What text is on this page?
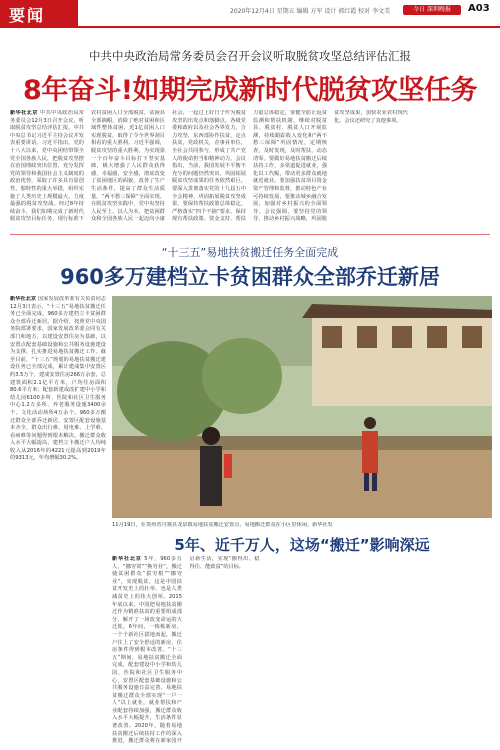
要闻	2020年12月4日 星期五 编辑 方军 设计 郭红霞 校对 李文美	今日 深圳晚报	A03
中共中央政治局常务委员会召开会议听取脱贫攻坚总结评估汇报
8年奋斗!如期完成新时代脱贫攻坚任务
新华社北京 中共中央政治局常务委员会12月3日召开会议，听取脱贫攻坚总结评估汇报。中共中央总书记习近平主持会议并发表重要讲话。习近平指出，党的十八大以来，党中央团结带领全党全国各族人民，把脱贫攻坚摆在治国理政突出位置，充分发挥党的领导和我国社会主义制度的政治优势，采取了许多具有原创性、独特性的重大举措，组织实施了人类历史上规模最大、力度最强的脱贫攻坚战。经过8年持续奋斗，我们如期完成了新时代脱贫攻坚目标任务，现行标准下农村贫困人口全部脱贫，贫困县全部摘帽，消除了绝对贫困和区域性整体贫困，近1亿贫困人口实现脱贫，取得了令全世界刮目相看的重大胜利。习近平强调，脱贫攻坚的重大胜利，为实现第一个百年奋斗目标打下坚实基础，极大增强了人民群众获得感、幸福感、安全感，彻底改变了贫困地区的面貌，改善了生产生活条件，提高了群众生活质量，“两不愁三保障”全面实现。在脱贫攻坚实践中，党中央坚持人民至上、以人为本，把贫困群众和全国各族人民一起迈向小康社会，一起过上好日子作为脱贫攻坚的出发点和落脚点。各级党委和政府以及社会各界发力，合力攻坚，东西部协作扶贫，定点扶贫，党政机关，企事业单位，全社会共同参与，形成了共产党人的使命担当和精神动力。会议指出，当前，我国发展不平衡不充分的问题仍然突出，巩固拓展脱贫攻坚成果的任务依然艰巨，要深入贯彻落实党的十九届五中全会精神，巩固拓展脱贫攻坚成果，要保持帮扶政策总体稳定，严格落实“四个不摘”要求，保持现有帮扶政策、资金支持、帮扶力量总体稳定，要健全防止返贫监测和帮扶机制，继续对脱贫县、脱贫村、脱贫人口开展监测，持续跟踪收入变化和“两不愁三保障”巩固情况，定期核查，及时发现，及时帮扶，动态清零。要做好易地扶贫搬迁后续扶持工作，多渠道促进就业，强化以工代赈，带动更多群众就地就近就业。要加强扶贫项目资金资产管理和监督，推动特色产业可持续发展，要推动城乡融合发展，加强对乡村振兴的全面领导。会议强调，要坚持党的领导，推动乡村振兴战略，巩固脱贫攻坚成果，加快农业农村现代化。会议还研究了其他事项。
“十三五”易地扶贫搬迁任务全面完成
960多万建档立卡贫困群众全部乔迁新居
新华社北京 国家发展改革委有关负责同志12月3日表示，“十三五”易地扶贫搬迁任务已全面完成，960多万建档立卡贫困群众全部乔迁新居。据介绍，按照党中央国务院部署要求，国家发展改革委会同有关部门和地方，以建设安置住房为基础，以安置点配套基础设施和公共服务设施建设为支撑，扎实推进易地扶贫搬迁工作。截至目前，“十三五”规划的易地扶贫搬迁建设任务已全部完成，累计建成集中安置区约3.5万个，建成安置住房266万余套，总建筑面积2.1亿平方米，户均住房面积80.6平方米；配套新建或改扩建中小学和幼儿园6100多所、医院和社区卫生服务中心1.2万多所、养老服务设施3400余个、文化活动场所4万余个。960多万搬迁群众全部乔迁新居，安置区配套设施基本齐全，群众出行难、用电难、上学难、看病难等问题得到根本解决。搬迁群众收入水平大幅提高，建档立卡搬迁户人均纯收入从2016年的4221元提高到2019年的9313元，年均增幅30.2%。
11月19日，在贵州省丹寨县龙泉镇易地扶贫搬迁安置点，易地搬迁群众在小区里休闲。新华社发
5年、近千万人，这场“搬迁”影响深远
新华社北京 5年，960多万人，“挪穷窝”“换穷业”，搬迁使贫困群众“拔穷根”“挪穷业”，实现脱贫。这是中国扶贫开发史上的壮举，也是人类减贫史上的伟大创举。2015年底以来，中国把易地扶贫搬迁作为精准扶贫的重要组成部分，解开了一场改变命运的大迁徙。6年间，一栋栋新房、一个个新社区拔地而起，搬迁户住上了安全舒适的新房，住房条件得到根本改善。“十三五”期间，易地扶贫搬迁全面完成，配套建设中小学和幼儿园、医院和社区卫生服务中心，安置区配套基础设施和公共服务设施日益完善。易地扶贫搬迁群众全部实现“一户一人”以上就业，就业帮扶和产业配套持续加强，搬迁群众收入水平大幅提升，生活条件显著改善。2020年，随着易地扶贫搬迁后续扶持工作的深入推进，搬迁群众将在新家园开启新生活，实现“搬得出、稳得住、能致富”的目标。
